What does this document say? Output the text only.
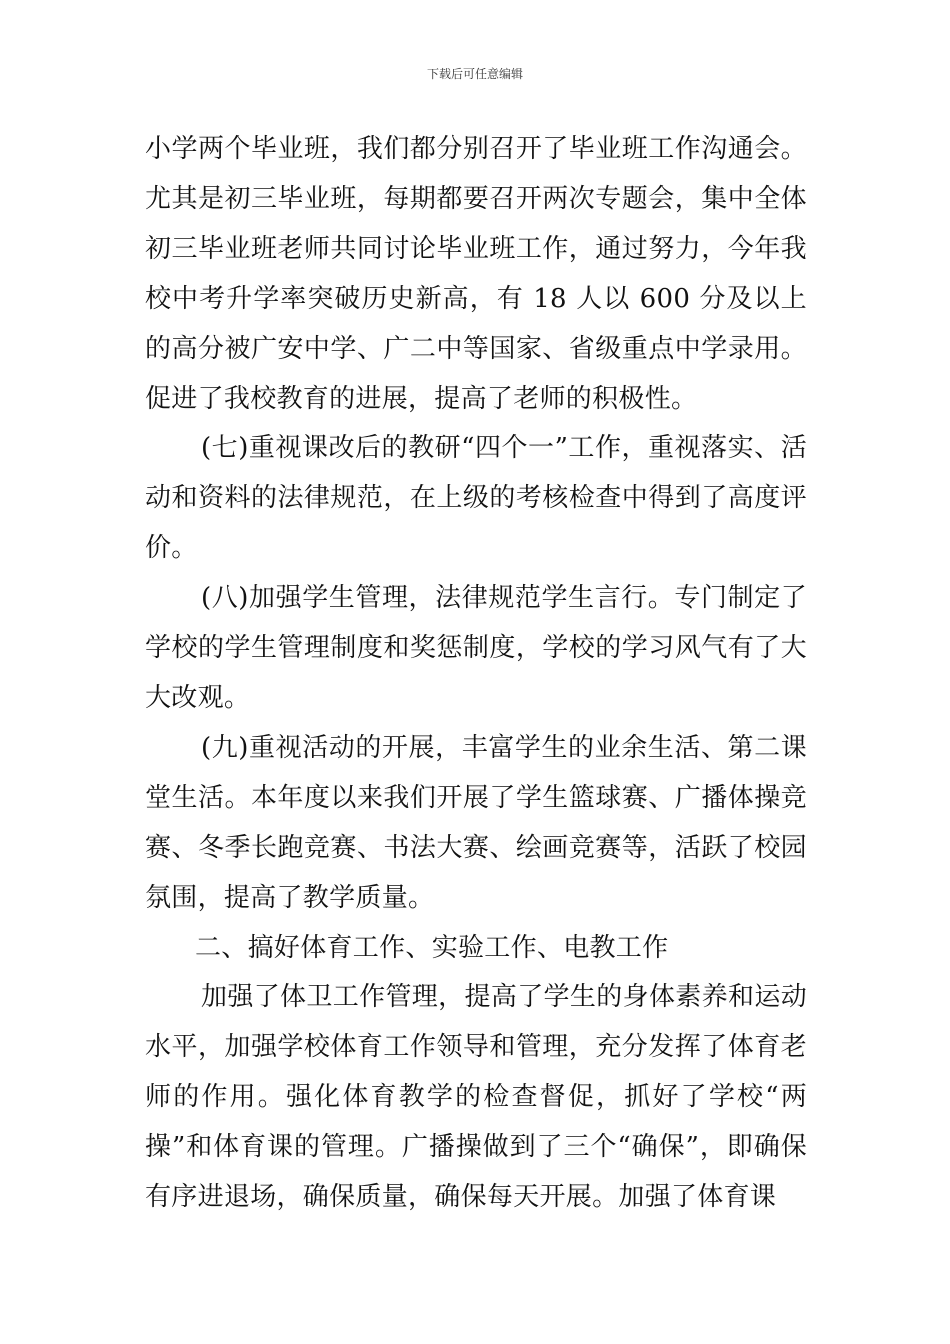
下载后可任意编辑

小学两个毕业班，我们都分别召开了毕业班工作沟通会。尤其是初三毕业班，每期都要召开两次专题会，集中全体初三毕业班老师共同讨论毕业班工作，通过努力，今年我校中考升学率突破历史新高，有 18 人以 600 分及以上的高分被广安中学、广二中等国家、省级重点中学录用。促进了我校教育的进展，提高了老师的积极性。

(七)重视课改后的教研“四个一”工作，重视落实、活动和资料的法律规范，在上级的考核检查中得到了高度评价。

(八)加强学生管理，法律规范学生言行。专门制定了学校的学生管理制度和奖惩制度，学校的学习风气有了大大改观。

(九)重视活动的开展，丰富学生的业余生活、第二课堂生活。本年度以来我们开展了学生篮球赛、广播体操竞赛、冬季长跑竞赛、书法大赛、绘画竞赛等，活跃了校园氛围，提高了教学质量。

二、搞好体育工作、实验工作、电教工作

加强了体卫工作管理，提高了学生的身体素养和运动水平，加强学校体育工作领导和管理，充分发挥了体育老师的作用。强化体育教学的检查督促，抓好了学校“两操”和体育课的管理。广播操做到了三个“确保”，即确保有序进退场，确保质量，确保每天开展。加强了体育课
